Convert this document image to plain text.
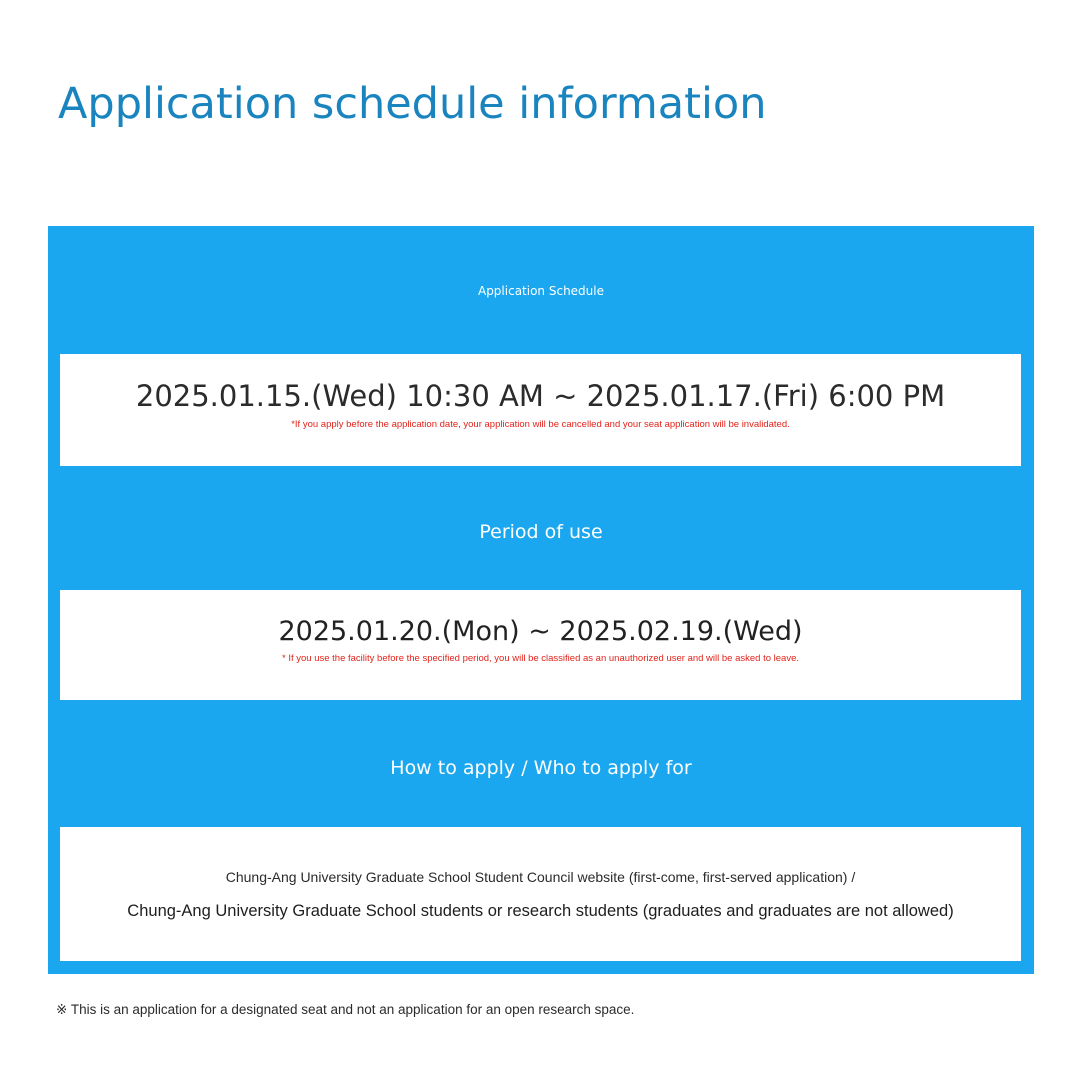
Application schedule information
Application Schedule
2025.01.15.(Wed) 10:30 AM ~ 2025.01.17.(Fri) 6:00 PM
*If you apply before the application date, your application will be cancelled and your seat application will be invalidated.
Period of use
2025.01.20.(Mon) ~ 2025.02.19.(Wed)
* If you use the facility before the specified period, you will be classified as an unauthorized user and will be asked to leave.
How to apply / Who to apply for
Chung-Ang University Graduate School Student Council website (first-come, first-served application) /
Chung-Ang University Graduate School students or research students (graduates and graduates are not allowed)

※ This is an application for a designated seat and not an application for an open research space.
